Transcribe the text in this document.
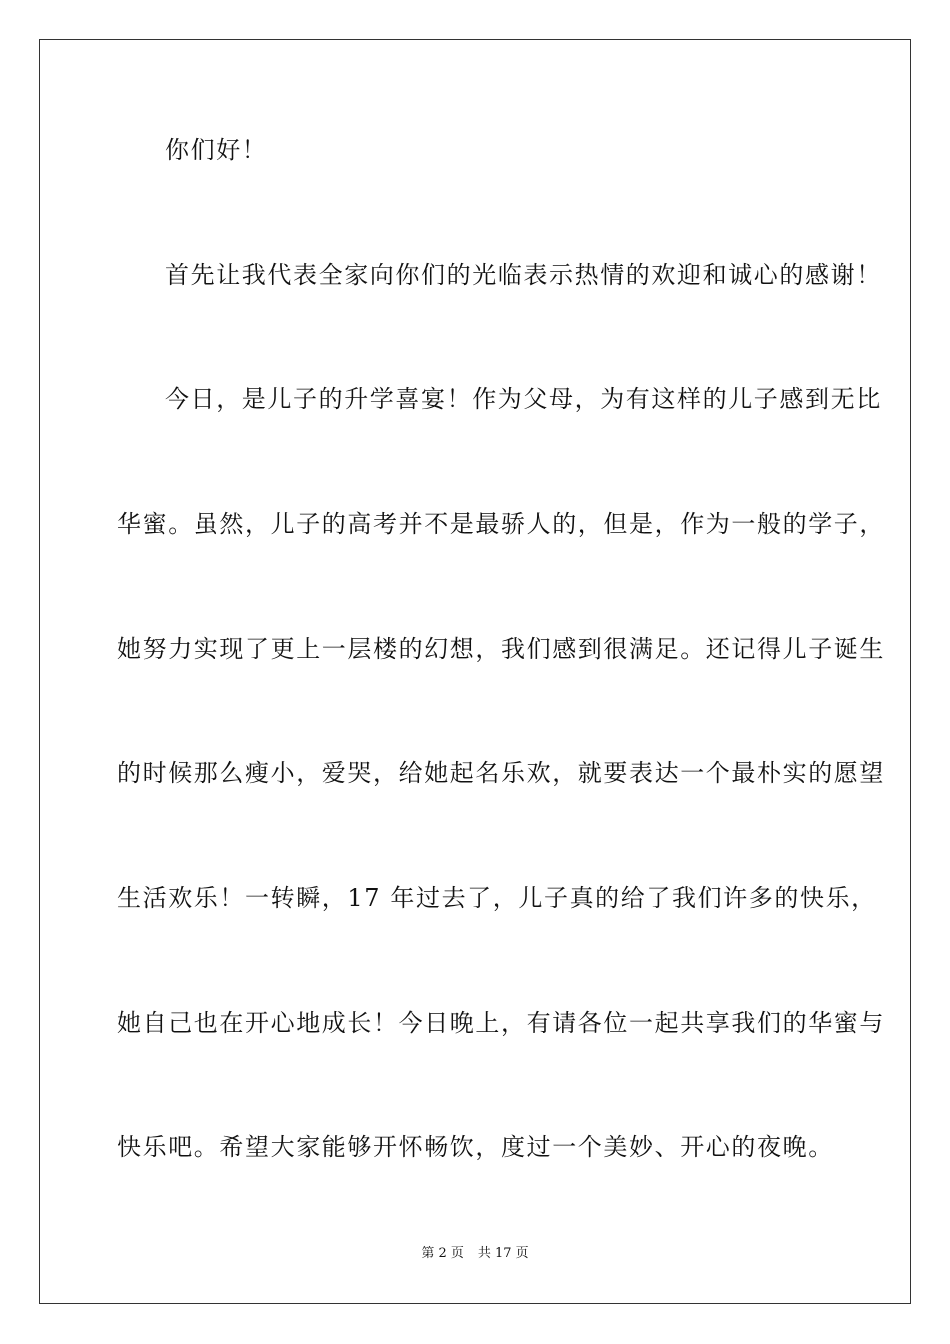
你们好！
首先让我代表全家向你们的光临表示热情的欢迎和诚心的感谢！
今日，是儿子的升学喜宴！作为父母，为有这样的儿子感到无比
华蜜。虽然，儿子的高考并不是最骄人的，但是，作为一般的学子，
她努力实现了更上一层楼的幻想，我们感到很满足。还记得儿子诞生
的时候那么瘦小，爱哭，给她起名乐欢，就要表达一个最朴实的愿望
生活欢乐！一转瞬，17 年过去了，儿子真的给了我们许多的快乐，
她自己也在开心地成长！今日晚上，有请各位一起共享我们的华蜜与
快乐吧。希望大家能够开怀畅饮，度过一个美妙、开心的夜晚。
第 2 页 共 17 页
